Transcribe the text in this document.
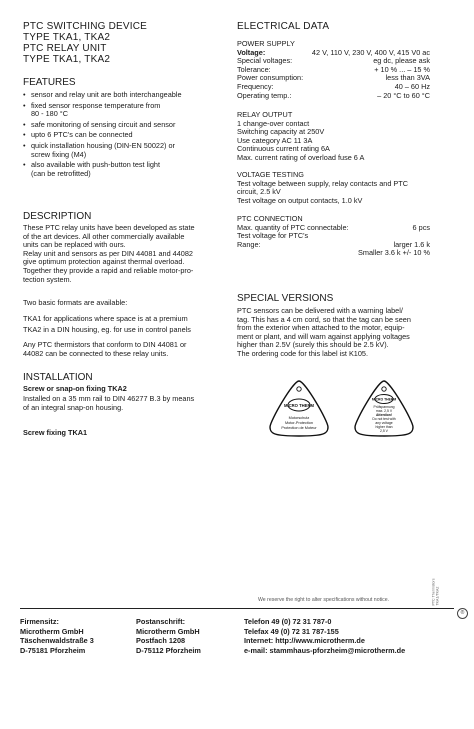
PTC SWITCHING DEVICE
TYPE TKA1, TKA2
PTC RELAY UNIT
TYPE TKA1, TKA2
FEATURES
• sensor and relay unit are both interchangeable
• fixed sensor response temperature from
80 - 180 °C
• safe monitoring of sensing circuit and sensor
• upto 6 PTC's can be connected
• quick installation housing (DIN-EN 50022) or
screw fixing (M4)
• also available with push-button test light
(can be retrofitted)
DESCRIPTION
These PTC relay units have been developed as state
of the art devices. All other commercially available
units can be replaced with ours.
Relay unit and sensors as per DIN 44081 and 44082
give optimum protection against thermal overload.
Together they provide a rapid and reliable motor-pro-
tection system.
Two basic formats are available:
TKA1 for applications where space is at a premium
TKA2 in a DIN housing, eg. for use in control panels
Any PTC thermistors that conform to DIN 44081 or
44082 can be connected to these relay units.
INSTALLATION
Screw or snap-on fixing TKA2
Installed on a 35 mm rail to DIN 46277 B.3 by means
of an integral snap-on housing.
Screw fixing TKA1
ELECTRICAL DATA
POWER SUPPLY
Voltage:	42 V, 110 V, 230 V, 400 V, 415 V0 ac
Special voltages:	eg dc, please ask
Tolerance:	+ 10 % ... – 15 %
Power consumption:	less than 3VA
Frequency:	40 – 60 Hz
Operating temp.:	– 20 °C to 60 °C
RELAY OUTPUT
1 change-over contact
Switching capacity at 250V
Use category AC 11 3A
Continuous current rating 6A
Max. current rating of overload fuse 6 A
VOLTAGE TESTING
Test voltage between supply, relay contacts and PTC
circuit, 2.5 kV
Test voltage on output contacts, 1.0 kV
PTC CONNECTION
Max. quantity of PTC connectable:	6 pcs
Test voltage for PTC's
Range:	larger 1.6 k
Smaller 3.6 k +/- 10 %
SPECIAL VERSIONS
PTC sensors can be delivered with a warning label/
tag. This has a 4 cm cord, so that the tag can be seen
from the exterior when attached to the motor, equip-
ment or plant, and will warn against applying voltages
higher than 2.5V (surely this should be 2.5 kV).
The ordering code for this label ist K105.
MICRO THERM
Motorschutz
Motor-Protection
Protection de Moteur
MICRO THERM
Prüfspannung
max. 2,5 V
Attention!
Do not test with
any voltage
higher than
2,5 V
PTC Thermistors TKA1/TKA2
®
We reserve the right to alter specifications without notice.
Firmensitz:
Microtherm GmbH
Täschenwaldstraße 3
D-75181 Pforzheim
Postanschrift:
Microtherm GmbH
Postfach 1208
D-75112 Pforzheim
Telefon 49 (0) 72 31 787-0
Telefax 49 (0) 72 31 787-155
Internet: http://www.microtherm.de
e-mail: stammhaus-pforzheim@microtherm.de
